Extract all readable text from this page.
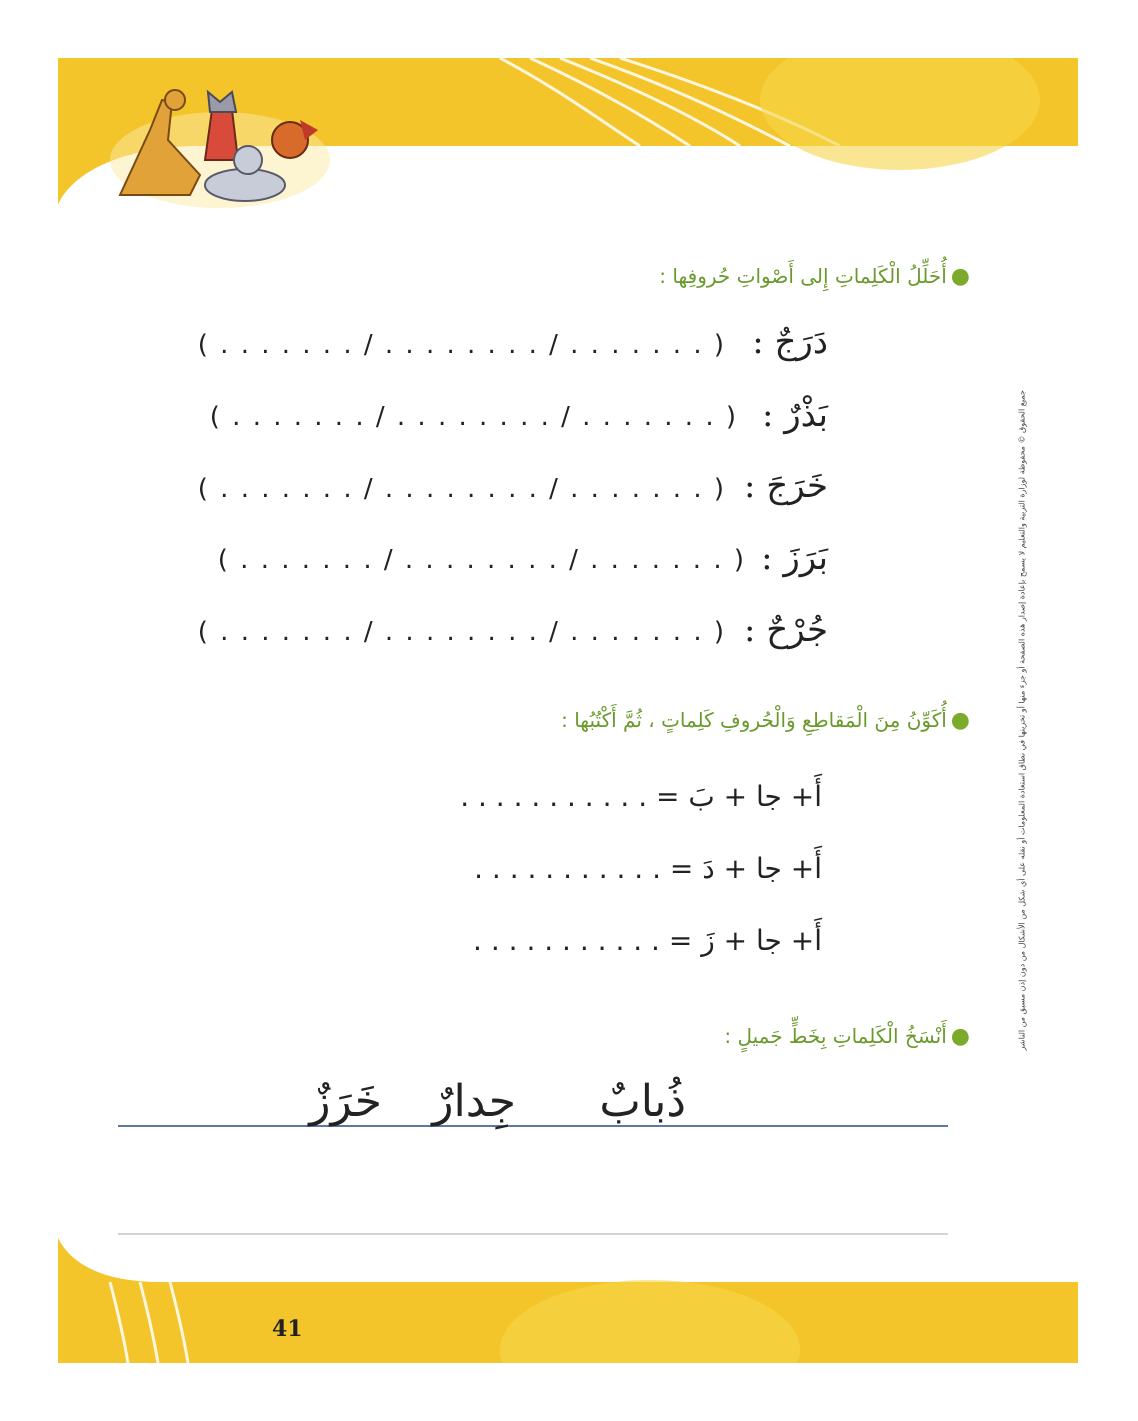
●أُحَلِّلُ الْكَلِماتِ إِلى أَصْواتِ حُروفِها :
دَرَجٌ :
( . . . . . . . / . . . . . . . . / . . . . . . . )
بَذْرٌ :
( . . . . . . . / . . . . . . . . / . . . . . . . )
خَرَجَ :
( . . . . . . . / . . . . . . . . / . . . . . . . )
بَرَزَ :
( . . . . . . . / . . . . . . . . / . . . . . . . )
جُرْحٌ :
( . . . . . . . / . . . . . . . . / . . . . . . . )
●أُكَوِّنُ مِنَ الْمَقاطِعِ وَالْحُروفِ كَلِماتٍ ، ثُمَّ أَكْتُبُها :
أَ+ جا + بَ = . . . . . . . . . . .
أَ+ جا + دَ = . . . . . . . . . . .
أَ+ جا + زَ = . . . . . . . . . . .
●أَنْسَخُ الْكَلِماتِ بِخَطٍّ جَميلٍ :
ذُبابٌ
جِدارٌ
خَرَزٌ
جميع الحقوق © محفوظة لوزارة التربية والتعليم لا يسمح بإعادة إصدار هذه الصفحة أو جزء منها أو تخزينها في نطاق استعادة المعلومات أو نقله على أي شكل من الأشكال من دون إذن مسبق من الناشر
41
